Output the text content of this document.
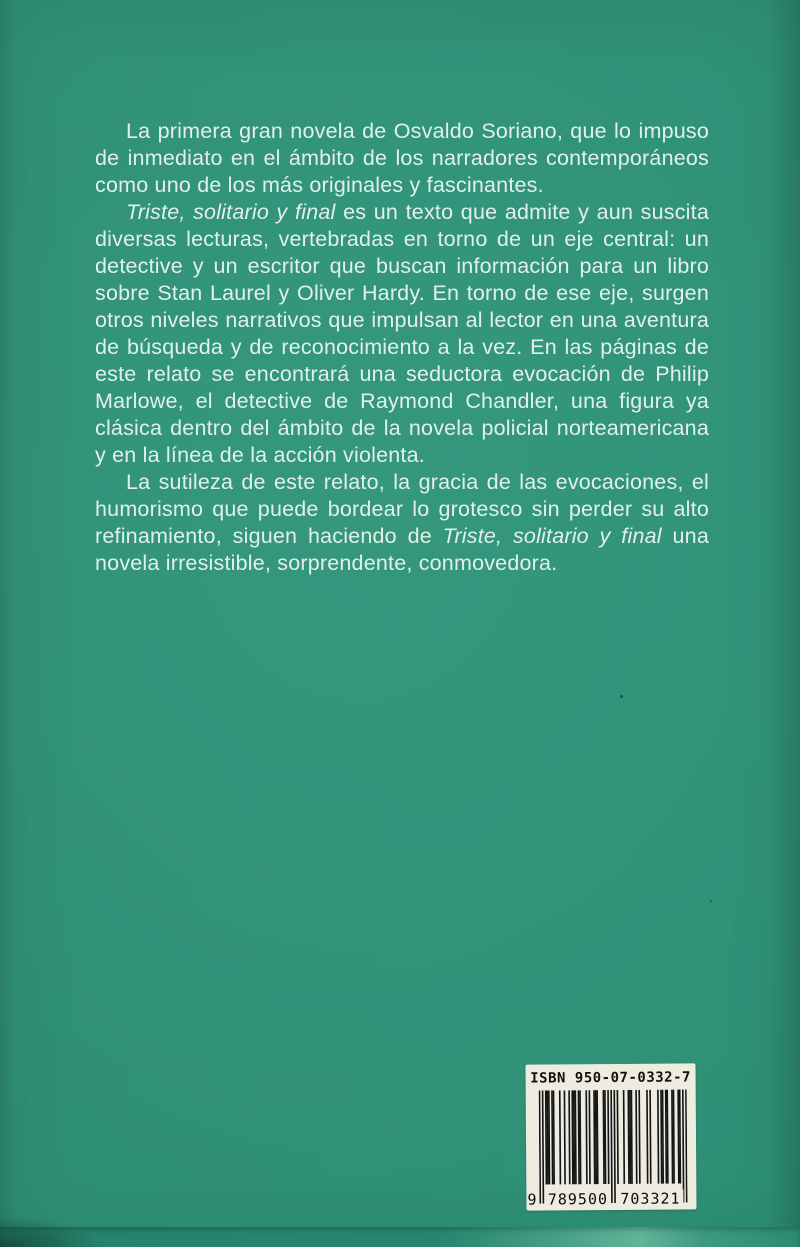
La primera gran novela de Osvaldo Soriano, que lo impuso de inmediato en el ámbito de los narradores contemporáneos como uno de los más originales y fascinantes.

Triste, solitario y final es un texto que admite y aun suscita diversas lecturas, vertebradas en torno de un eje central: un detective y un escritor que buscan información para un libro sobre Stan Laurel y Oliver Hardy. En torno de ese eje, surgen otros niveles narrativos que impulsan al lector en una aventura de búsqueda y de reconocimiento a la vez. En las páginas de este relato se encontrará una seductora evocación de Philip Marlowe, el detective de Raymond Chandler, una figura ya clásica dentro del ámbito de la novela policial norteamericana y en la línea de la acción violenta.

La sutileza de este relato, la gracia de las evocaciones, el humorismo que puede bordear lo grotesco sin perder su alto refinamiento, siguen haciendo de Triste, solitario y final una novela irresistible, sorprendente, conmovedora.

ISBN 950-07-0332-7
9 789500 703321
